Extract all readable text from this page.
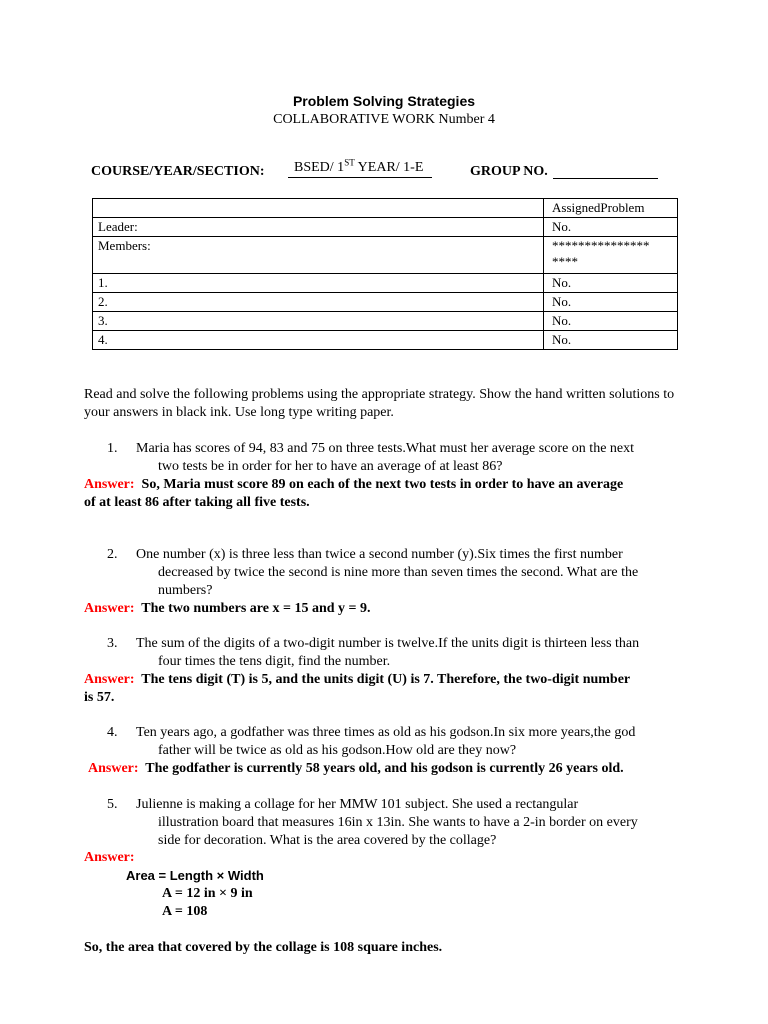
Problem Solving Strategies
COLLABORATIVE WORK Number 4
COURSE/YEAR/SECTION:	BSED/ 1ST YEAR/ 1-E	GROUP NO.
	AssignedProblem
Leader:	No.
Members:	***************
****
1.	No.
2.	No.
3.	No.
4.	No.
Read and solve the following problems using the appropriate strategy. Show the hand written solutions to your answers in black ink. Use long type writing paper.
1. Maria has scores of 94, 83 and 75 on three tests.What must her average score on the next
two tests be in order for her to have an average of at least 86?
Answer: So, Maria must score 89 on each of the next two tests in order to have an average
of at least 86 after taking all five tests.
2. One number (x) is three less than twice a second number (y).Six times the first number
decreased by twice the second is nine more than seven times the second. What are the
numbers?
Answer: The two numbers are x = 15 and y = 9.
3. The sum of the digits of a two-digit number is twelve.If the units digit is thirteen less than
four times the tens digit, find the number.
Answer: The tens digit (T) is 5, and the units digit (U) is 7. Therefore, the two-digit number
is 57.
4. Ten years ago, a godfather was three times as old as his godson.In six more years,the god
father will be twice as old as his godson.How old are they now?
Answer: The godfather is currently 58 years old, and his godson is currently 26 years old.
5. Julienne is making a collage for her MMW 101 subject. She used a rectangular
illustration board that measures 16in x 13in. She wants to have a 2-in border on every
side for decoration. What is the area covered by the collage?
Answer:
Area = Length × Width
A = 12 in × 9 in
A = 108
So, the area that covered by the collage is 108 square inches.
